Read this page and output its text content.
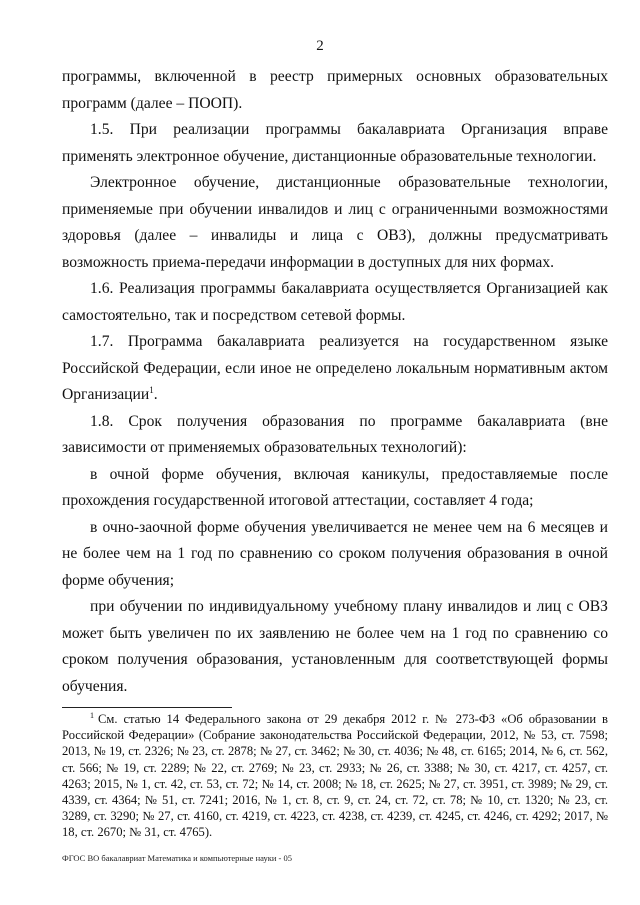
2

программы, включенной в реестр примерных основных образовательных программ (далее – ПООП).

1.5. При реализации программы бакалавриата Организация вправе применять электронное обучение, дистанционные образовательные технологии.

Электронное обучение, дистанционные образовательные технологии, применяемые при обучении инвалидов и лиц с ограниченными возможностями здоровья (далее – инвалиды и лица с ОВЗ), должны предусматривать возможность приема-передачи информации в доступных для них формах.

1.6. Реализация программы бакалавриата осуществляется Организацией как самостоятельно, так и посредством сетевой формы.

1.7. Программа бакалавриата реализуется на государственном языке Российской Федерации, если иное не определено локальным нормативным актом Организации$^1$.

1.8. Срок получения образования по программе бакалавриата (вне зависимости от применяемых образовательных технологий):

в очной форме обучения, включая каникулы, предоставляемые после прохождения государственной итоговой аттестации, составляет 4 года;

в очно-заочной форме обучения увеличивается не менее чем на 6 месяцев и не более чем на 1 год по сравнению со сроком получения образования в очной форме обучения;

при обучении по индивидуальному учебному плану инвалидов и лиц с ОВЗ может быть увеличен по их заявлению не более чем на 1 год по сравнению со сроком получения образования, установленным для соответствующей формы обучения.

$^1$ См. статью 14 Федерального закона от 29 декабря 2012 г. № 273-ФЗ «Об образовании в Российской Федерации» (Собрание законодательства Российской Федерации, 2012, № 53, ст. 7598; 2013, № 19, ст. 2326; № 23, ст. 2878; № 27, ст. 3462; № 30, ст. 4036; № 48, ст. 6165; 2014, № 6, ст. 562, ст. 566; № 19, ст. 2289; № 22, ст. 2769; № 23, ст. 2933; № 26, ст. 3388; № 30, ст. 4217, ст. 4257, ст. 4263; 2015, № 1, ст. 42, ст. 53, ст. 72; № 14, ст. 2008; № 18, ст. 2625; № 27, ст. 3951, ст. 3989; № 29, ст. 4339, ст. 4364; № 51, ст. 7241; 2016, № 1, ст. 8, ст. 9, ст. 24, ст. 72, ст. 78; № 10, ст. 1320; № 23, ст. 3289, ст. 3290; № 27, ст. 4160, ст. 4219, ст. 4223, ст. 4238, ст. 4239, ст. 4245, ст. 4246, ст. 4292; 2017, № 18, ст. 2670; № 31, ст. 4765).
ФГОС ВО бакалавриат Математика и компьютерные науки - 05
